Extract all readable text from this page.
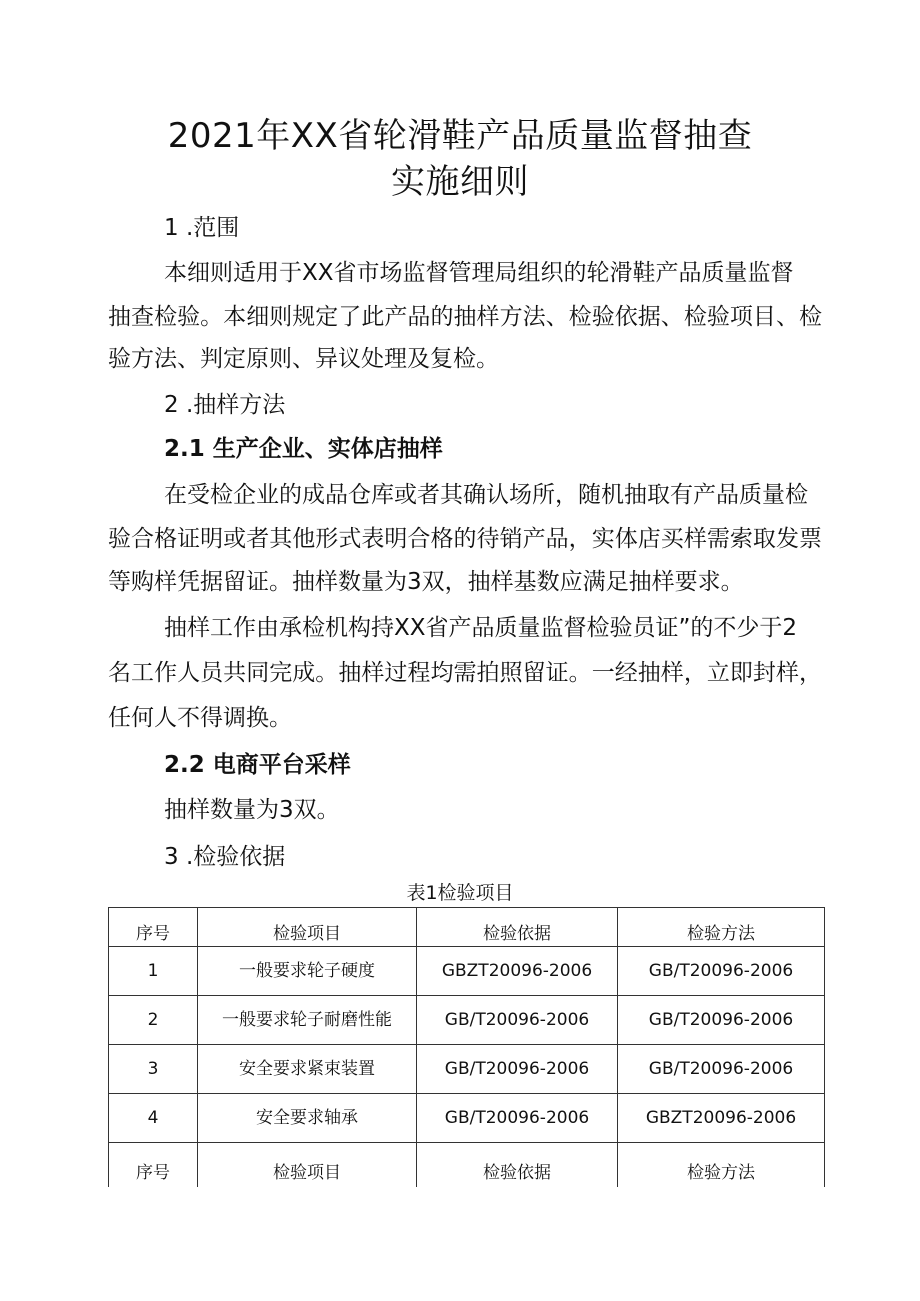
2021年XX省轮滑鞋产品质量监督抽查
实施细则
1 .范围
本细则适用于XX省市场监督管理局组织的轮滑鞋产品质量监督
抽查检验。本细则规定了此产品的抽样方法、检验依据、检验项目、检
验方法、判定原则、异议处理及复检。
2 .抽样方法
2.1 生产企业、实体店抽样
在受检企业的成品仓库或者其确认场所，随机抽取有产品质量检
验合格证明或者其他形式表明合格的待销产品，实体店买样需索取发票
等购样凭据留证。抽样数量为3双，抽样基数应满足抽样要求。
抽样工作由承检机构持XX省产品质量监督检验员证”的不少于2
名工作人员共同完成。抽样过程均需拍照留证。一经抽样，立即封样，
任何人不得调换。
2.2 电商平台采样
抽样数量为3双。
3 .检验依据
表1检验项目
序号	检验项目	检验依据	检验方法
1	一般要求轮子硬度	GBZT20096-2006	GB/T20096-2006
2	一般要求轮子耐磨性能	GB/T20096-2006	GB/T20096-2006
3	安全要求紧束装置	GB/T20096-2006	GB/T20096-2006
4	安全要求轴承	GB/T20096-2006	GBZT20096-2006
序号	检验项目	检验依据	检验方法
